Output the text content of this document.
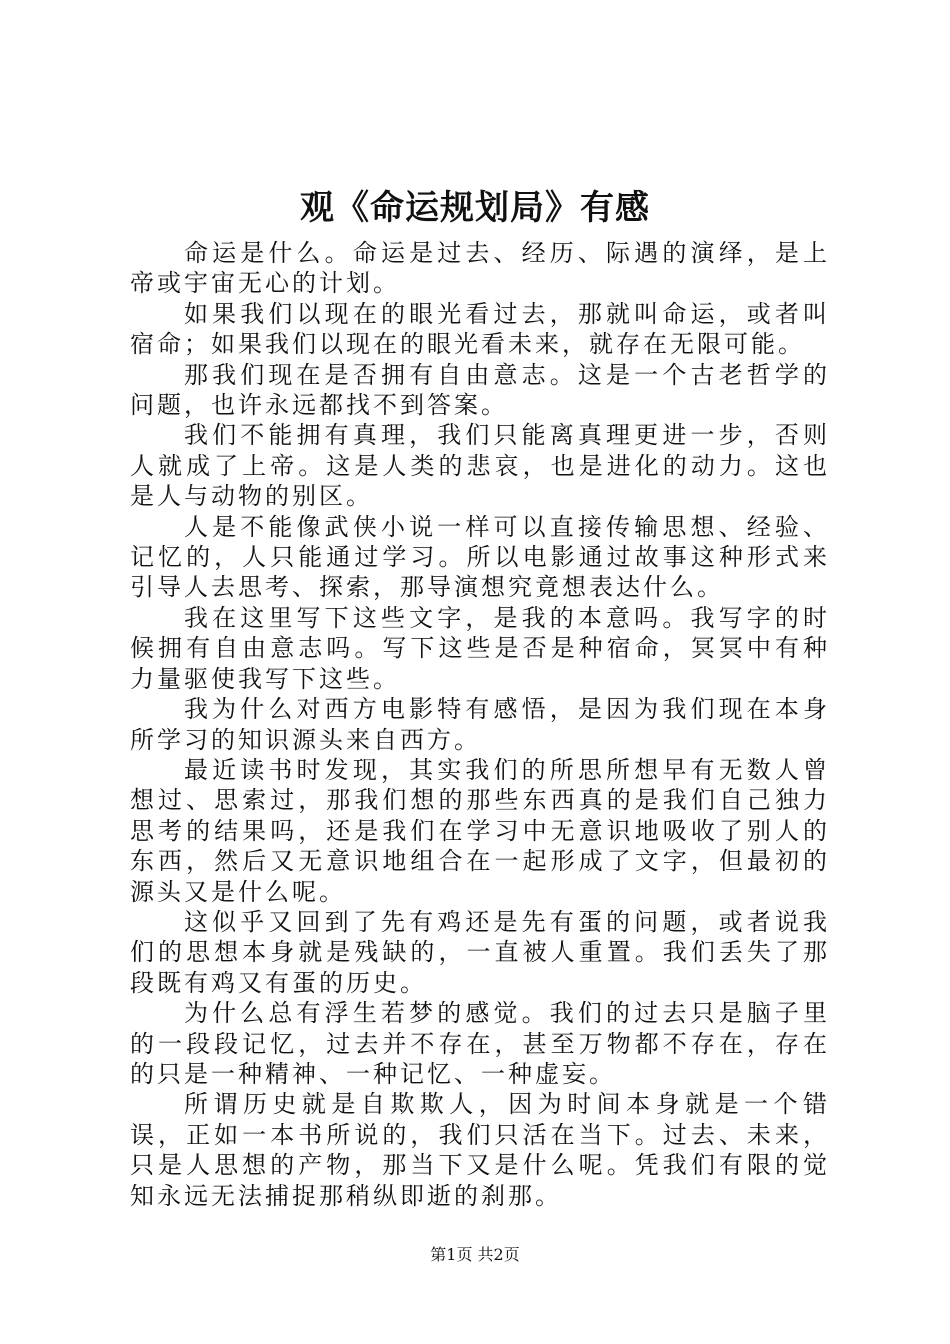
观《命运规划局》有感

命运是什么。命运是过去、经历、际遇的演绎，是上帝或宇宙无心的计划。

如果我们以现在的眼光看过去，那就叫命运，或者叫宿命；如果我们以现在的眼光看未来，就存在无限可能。

那我们现在是否拥有自由意志。这是一个古老哲学的问题，也许永远都找不到答案。

我们不能拥有真理，我们只能离真理更进一步，否则人就成了上帝。这是人类的悲哀，也是进化的动力。这也是人与动物的别区。

人是不能像武侠小说一样可以直接传输思想、经验、记忆的，人只能通过学习。所以电影通过故事这种形式来引导人去思考、探索，那导演想究竟想表达什么。

我在这里写下这些文字，是我的本意吗。我写字的时候拥有自由意志吗。写下这些是否是种宿命，冥冥中有种力量驱使我写下这些。

我为什么对西方电影特有感悟，是因为我们现在本身所学习的知识源头来自西方。

最近读书时发现，其实我们的所思所想早有无数人曾想过、思索过，那我们想的那些东西真的是我们自己独力思考的结果吗，还是我们在学习中无意识地吸收了别人的东西，然后又无意识地组合在一起形成了文字，但最初的源头又是什么呢。

这似乎又回到了先有鸡还是先有蛋的问题，或者说我们的思想本身就是残缺的，一直被人重置。我们丢失了那段既有鸡又有蛋的历史。

为什么总有浮生若梦的感觉。我们的过去只是脑子里的一段段记忆，过去并不存在，甚至万物都不存在，存在的只是一种精神、一种记忆、一种虚妄。

所谓历史就是自欺欺人，因为时间本身就是一个错误，正如一本书所说的，我们只活在当下。过去、未来，只是人思想的产物，那当下又是什么呢。凭我们有限的觉知永远无法捕捉那稍纵即逝的刹那。

第1页 共2页
